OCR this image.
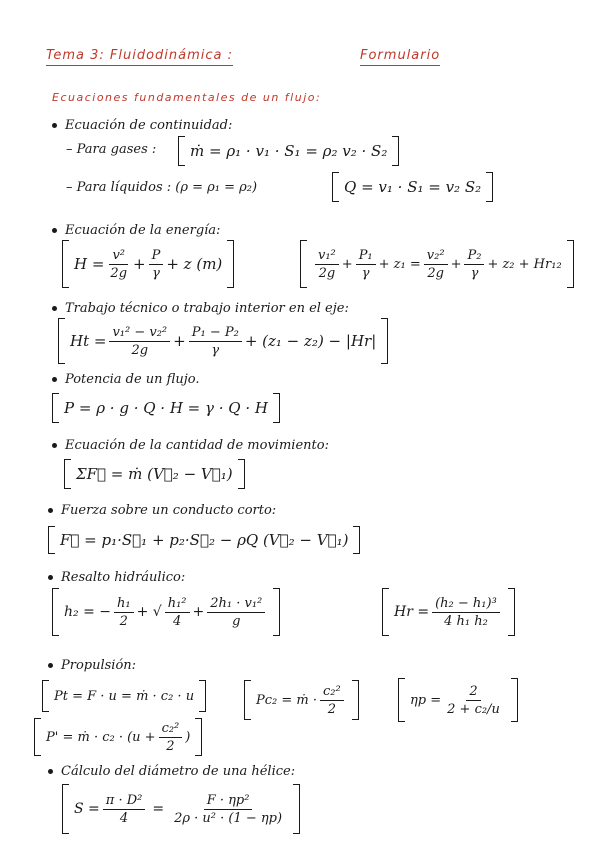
Tema 3: Fluidodinámica :	Formulario
Ecuaciones fundamentales de un flujo:
Ecuación de continuidad:
– Para gases : ṁ = ρ₁ · v₁ · S₁ = ρ₂ v₂ · S₂
– Para líquidos : (ρ = ρ₁ = ρ₂)	Q = v₁ · S₁ = v₂ S₂
Ecuación de la energía:
$H = \frac{\text{v²}}{2g} + \frac{P}{\gamma} + z$ (m)	$\frac{\text{v₁²}}{2g} + \frac{\text{P₁}}{\gamma} + z_1 = \frac{\text{v₂²}}{2g} + \frac{\text{P₂}}{\gamma} + z_2 + Hr_{12}$
Trabajo técnico o trabajo interior en el eje:
$Ht = \frac{\text{v₁² − v₂²}}{2g} + \frac{\text{P₁ − P₂}}{\gamma} + (z_1 - z_2) - |Hr|$
Potencia de un flujo.
P = ρ · g · Q · H = γ · Q · H
Ecuación de la cantidad de movimiento:
ΣF⃗ = ṁ (V⃗₂ − V⃗₁)
Fuerza sobre un conducto corto:
F⃗ = p₁·S⃗₁ + p₂·S⃗₂ − ρQ (V⃗₂ − V⃗₁)
Resalto hidráulico:
h₂ = − $\frac{\text{h₁}}{2}$ + √ $\frac{\text{h₁²}}{4} + \frac{\text{2h₁ · v₁²}}{g}$	$Hr = \frac{\text{(h₂ − h₁)³}}{\text{4 h₁ h₂}}$
Propulsión:
Pt = F · u = ṁ · c₂ · u	Pc₂ = ṁ · $\frac{\text{c₂²}}{2}$	$\eta p = \frac{2}{\text{2 + c₂/u}}$
P' = ṁ · $c_2 \cdot (u + \frac{\text{c₂²}}{2}$ )
Cálculo del diámetro de una hélice:
$S = \frac{\text{π · D²}}{4} = \frac{\text{F · ηp²}}{\text{2ρ · u² · (1 − ηp)}}$
